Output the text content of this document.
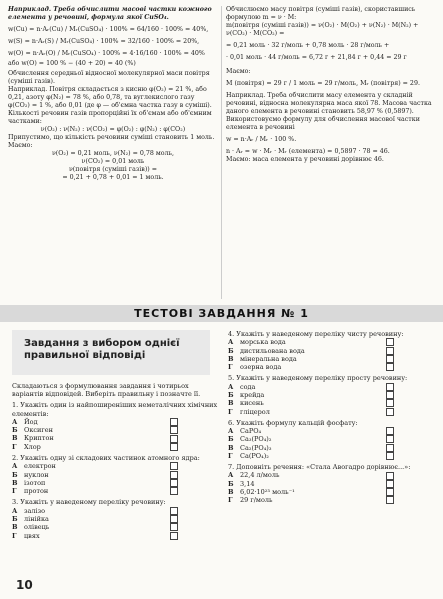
Наприклад. Треба обчислити масові частки кожного елемента у речовині, формула якої CuSO₄.

w(Cu) = n·Aᵣ(Cu) / Mᵣ(CuSO₄) · 100% = 64/160 · 100% = 40%,

w(S) = n·Aᵣ(S) / Mᵣ(CuSO₄) · 100% = 32/160 · 100% = 20%,

w(O) = n·Aᵣ(O) / Mᵣ(CuSO₄) · 100% = 4·16/160 · 100% = 40%

або w(O) = 100 % − (40 + 20) = 40 (%)

Обчислення середньої відносної молекулярної маси повітря (суміші газів).

Наприклад. Повітря складається з кисню φ(O₂) = 21 %, або 0,21, азоту φ(N₂) = 78 %, або 0,78, та вуглекислого газу φ(CO₂) = 1 %, або 0,01 (де φ — об'ємна частка газу в суміші).

Кількості речовин газів пропорційні їх об'ємам або об'ємним частками:

ν(O₂) : ν(N₂) : ν(CO₂) = φ(O₂) : φ(N₂) : φ(CO₂)

Припустимо, що кількість речовини суміші становить 1 моль. Маємо:

ν(O₂) = 0,21 моль, ν(N₂) = 0,78 моль,

ν(CO₂) = 0,01 моль

ν(повітря (суміші газів)) =

= 0,21 + 0,78 + 0,01 = 1 моль.

Обчислюємо масу повітря (суміші газів), скориставшись формулою m = ν · M:

m(повітря (суміші газів)) = ν(O₂) · M(O₂) + ν(N₂) · M(N₂) + ν(CO₂) · M(CO₂) =

= 0,21 моль · 32 г/моль + 0,78 моль · 28 г/моль +

· 0,01 моль · 44 г/моль = 6,72 г + 21,84 г + 0,44 = 29 г

Маємо:

M (повітря) = 29 г / 1 моль = 29 г/моль, Mᵣ (повітря) = 29.

Наприклад. Треба обчислити масу елемента у складній речовині, відносна молекулярна маса якої 78. Масова частка даного елемента в речовині становить 58,97 % (0,5897).

Використовуємо формулу для обчислення масової частки елемента в речовині

w = n·Aᵣ / Mᵣ · 100 %.

n · Aᵣ = w · Mᵣ · Mᵣ (елемента) = 0,5897 · 78 = 46.

Маємо: маса елемента у речовині дорівнює 46.

ТЕСТОВІ ЗАВДАННЯ № 1
Завдання з вибором однієї правильної відповіді

Складаються з формулювання завдання і чотирьох варіантів відповідей. Виберіть правильну і позначте її.

1. Укажіть один із найпоширеніших неметалічних хімічних елементів:

А	Йод
Б Оксиген
В	Криптон
Г	Хлор

2. Укажіть одну зі складових частинок атомного ядра:

А	електрон
Б нуклон
В	ізотоп
Г	протон

3. Укажіть у наведеному переліку речовину:

А	залізо
Б лінійка
В	олівець
Г	цвях

4. Укажіть у наведеному переліку чисту речовину:

А	морська вода
Б дистильована вода
В	мінеральна вода
Г	озерна вода

5. Укажіть у наведеному переліку просту речовину:

А	сода
Б крейда
В	кисень
Г	гліцерол

6. Укажіть формулу кальцій фосфату:

А	CaPO₄
Б Ca₃(PO₄)₂
В	Ca₂(PO₄)₃
Г	Ca(PO₄)₂

7. Доповніть речення: «Стала Авогадро дорівнює...»:

А	22,4 л/моль
Б 3,14
В	6,02·10²³ моль⁻¹
Г	29 г/моль
10
